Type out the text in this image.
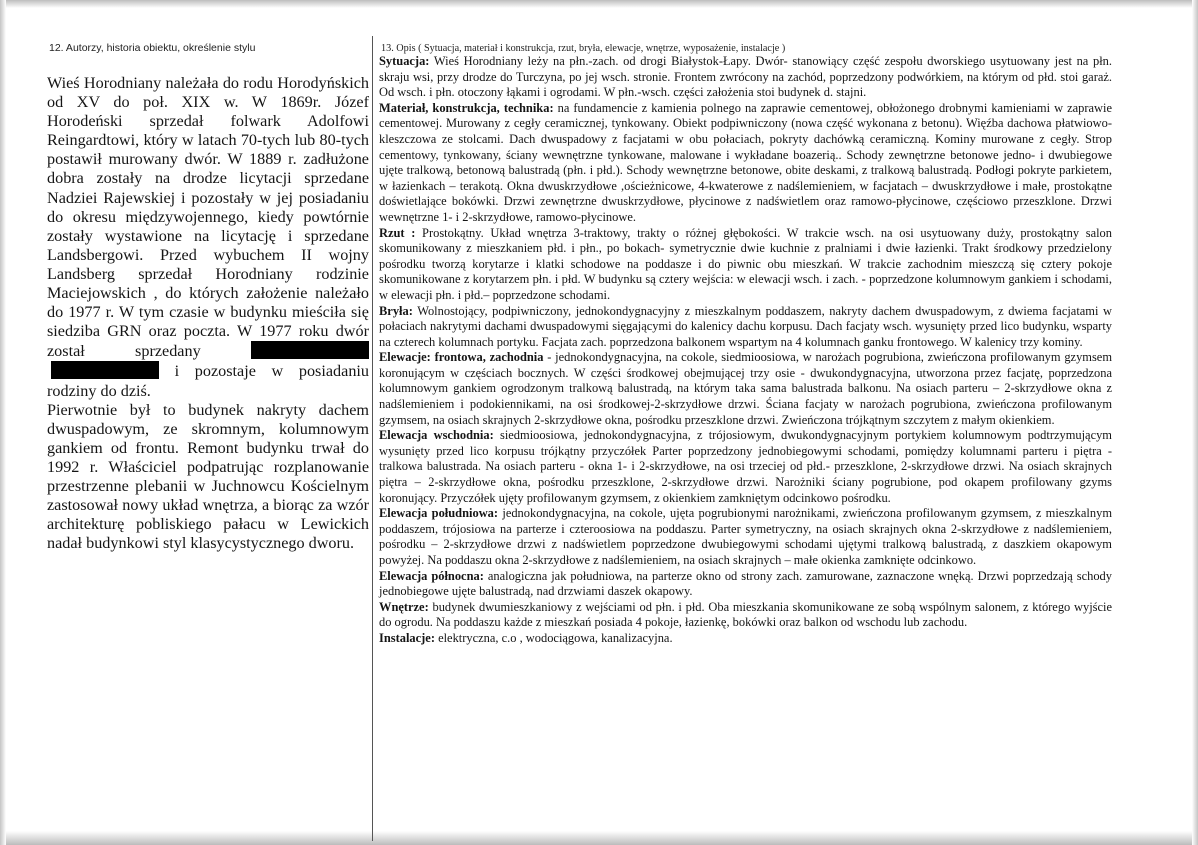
12. Autorzy, historia obiektu, określenie stylu

Wieś Horodniany należała do rodu Horodyńskich od XV do poł. XIX w. W 1869r. Józef Horodeński sprzedał folwark Adolfowi Reingardtowi, który w latach 70-tych lub 80-tych postawił murowany dwór. W 1889 r. zadłużone dobra zostały na drodze licytacji sprzedane Nadziei Rajewskiej i pozostały w jej posiadaniu do okresu międzywojennego, kiedy powtórnie zostały wystawione na licytację i sprzedane Landsbergowi. Przed wybuchem II wojny Landsberg sprzedał Horodniany rodzinie Maciejowskich , do których założenie należało do 1977 r. W tym czasie w budynku mieściła się siedziba GRN oraz poczta. W 1977 roku dwór został sprzedany   i pozostaje w posiadaniu rodziny do dziś.

Pierwotnie był to budynek nakryty dachem dwuspadowym, ze skromnym, kolumnowym gankiem od frontu. Remont budynku trwał do 1992 r. Właściciel podpatrując rozplanowanie przestrzenne plebanii w Juchnowcu Kościelnym zastosował nowy układ wnętrza, a biorąc za wzór architekturę pobliskiego pałacu w Lewickich nadał budynkowi styl klasycystycznego dworu.

13. Opis ( Sytuacja, materiał i konstrukcja, rzut, bryła, elewacje, wnętrze, wyposażenie, instalacje )

Sytuacja: Wieś Horodniany leży na płn.-zach. od drogi Białystok-Łapy. Dwór- stanowiący część zespołu dworskiego usytuowany jest na płn. skraju wsi, przy drodze do Turczyna, po jej wsch. stronie. Frontem zwrócony na zachód, poprzedzony podwórkiem, na którym od płd. stoi garaż. Od wsch. i płn. otoczony łąkami i ogrodami. W płn.-wsch. części założenia stoi budynek d. stajni.

Materiał, konstrukcja, technika: na fundamencie z kamienia polnego na zaprawie cementowej, obłożonego drobnymi kamieniami w zaprawie cementowej. Murowany z cegły ceramicznej, tynkowany. Obiekt podpiwniczony (nowa część wykonana z betonu). Więźba dachowa płatwiowo-kleszczowa ze stolcami. Dach dwuspadowy z facjatami w obu połaciach, pokryty dachówką ceramiczną. Kominy murowane z cegły. Strop cementowy, tynkowany, ściany wewnętrzne tynkowane, malowane i wykładane boazerią.. Schody zewnętrzne betonowe jedno- i dwubiegowe ujęte tralkową, betonową balustradą (płn. i płd.). Schody wewnętrzne betonowe, obite deskami, z tralkową balustradą. Podłogi pokryte parkietem, w łazienkach – terakotą. Okna dwuskrzydłowe ,ościeżnicowe, 4-kwaterowe z nadślemieniem, w facjatach – dwuskrzydłowe i małe, prostokątne doświetlające bokówki. Drzwi zewnętrzne dwuskrzydłowe, płycinowe z nadświetlem oraz ramowo-płycinowe, częściowo przeszklone. Drzwi wewnętrzne 1- i 2-skrzydłowe, ramowo-płycinowe.

Rzut : Prostokątny. Układ wnętrza 3-traktowy, trakty o różnej głębokości. W trakcie wsch. na osi usytuowany duży, prostokątny salon skomunikowany z mieszkaniem płd. i płn., po bokach- symetrycznie dwie kuchnie z pralniami i dwie łazienki. Trakt środkowy przedzielony pośrodku tworzą korytarze i klatki schodowe na poddasze i do piwnic obu mieszkań. W trakcie zachodnim mieszczą się cztery pokoje skomunikowane z korytarzem płn. i płd. W budynku są cztery wejścia: w elewacji wsch. i zach. - poprzedzone kolumnowym gankiem i schodami, w elewacji płn. i płd.– poprzedzone schodami.

Bryła: Wolnostojący, podpiwniczony, jednokondygnacyjny z mieszkalnym poddaszem, nakryty dachem dwuspadowym, z dwiema facjatami w połaciach nakrytymi dachami dwuspadowymi sięgającymi do kalenicy dachu korpusu. Dach facjaty wsch. wysunięty przed lico budynku, wsparty na czterech kolumnach portyku. Facjata zach. poprzedzona balkonem wspartym na 4 kolumnach ganku frontowego. W kalenicy trzy kominy.

Elewacje: frontowa, zachodnia - jednokondygnacyjna, na cokole, siedmioosiowa, w narożach pogrubiona, zwieńczona profilowanym gzymsem koronującym w częściach bocznych. W części środkowej obejmującej trzy osie - dwukondygnacyjna, utworzona przez facjatę, poprzedzona kolumnowym gankiem ogrodzonym tralkową balustradą, na którym taka sama balustrada balkonu. Na osiach parteru – 2-skrzydłowe okna z nadślemieniem i podokiennikami, na osi środkowej-2-skrzydłowe drzwi. Ściana facjaty w narożach pogrubiona, zwieńczona profilowanym gzymsem, na osiach skrajnych 2-skrzydłowe okna, pośrodku przeszklone drzwi. Zwieńczona trójkątnym szczytem z małym okienkiem.

Elewacja wschodnia: siedmioosiowa, jednokondygnacyjna, z trójosiowym, dwukondygnacyjnym portykiem kolumnowym podtrzymującym wysunięty przed lico korpusu trójkątny przyczółek Parter poprzedzony jednobiegowymi schodami, pomiędzy kolumnami parteru i piętra - tralkowa balustrada. Na osiach parteru - okna 1- i 2-skrzydłowe, na osi trzeciej od płd.- przeszklone, 2-skrzydłowe drzwi. Na osiach skrajnych piętra – 2-skrzydłowe okna, pośrodku przeszklone, 2-skrzydłowe drzwi. Narożniki ściany pogrubione, pod okapem profilowany gzyms koronujący. Przyczółek ujęty profilowanym gzymsem, z okienkiem zamkniętym odcinkowo pośrodku.

Elewacja południowa: jednokondygnacyjna, na cokole, ujęta pogrubionymi narożnikami, zwieńczona profilowanym gzymsem, z mieszkalnym poddaszem, trójosiowa na parterze i czteroosiowa na poddaszu. Parter symetryczny, na osiach skrajnych okna 2-skrzydłowe z nadślemieniem, pośrodku – 2-skrzydłowe drzwi z nadświetlem poprzedzone dwubiegowymi schodami ujętymi tralkową balustradą, z daszkiem okapowym powyżej. Na poddaszu okna 2-skrzydłowe z nadślemieniem, na osiach skrajnych – małe okienka zamknięte odcinkowo.

Elewacja północna: analogiczna jak południowa, na parterze okno od strony zach. zamurowane, zaznaczone wnęką. Drzwi poprzedzają schody jednobiegowe ujęte balustradą, nad drzwiami daszek okapowy.

Wnętrze: budynek dwumieszkaniowy z wejściami od płn. i płd. Oba mieszkania skomunikowane ze sobą wspólnym salonem, z którego wyjście do ogrodu. Na poddaszu każde z mieszkań posiada 4 pokoje, łazienkę, bokówki oraz balkon od wschodu lub zachodu.

Instalacje: elektryczna, c.o , wodociągowa, kanalizacyjna.
